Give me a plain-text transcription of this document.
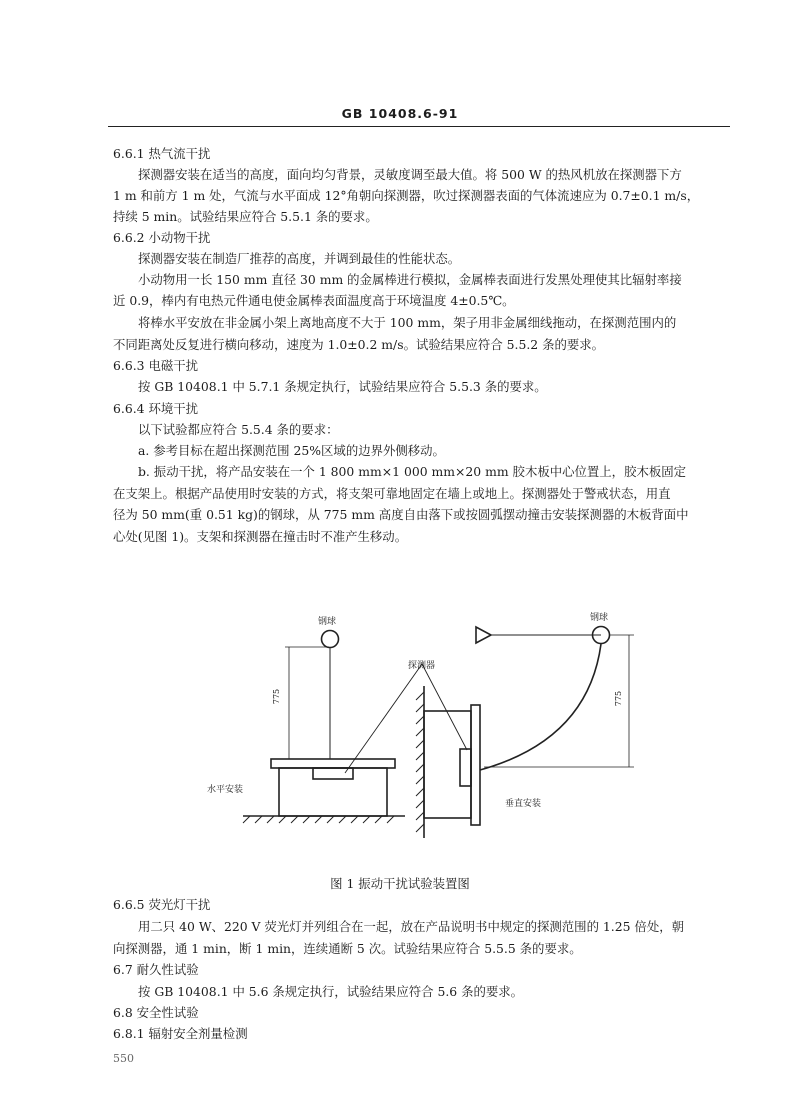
GB 10408.6-91
6.6.1 热气流干扰
探测器安装在适当的高度，面向均匀背景，灵敏度调至最大值。将 500 W 的热风机放在探测器下方
1 m 和前方 1 m 处，气流与水平面成 12°角朝向探测器，吹过探测器表面的气体流速应为 0.7±0.1 m/s，
持续 5 min。试验结果应符合 5.5.1 条的要求。
6.6.2 小动物干扰
探测器安装在制造厂推荐的高度，并调到最佳的性能状态。
小动物用一长 150 mm 直径 30 mm 的金属棒进行模拟，金属棒表面进行发黑处理使其比辐射率接
近 0.9，棒内有电热元件通电使金属棒表面温度高于环境温度 4±0.5℃。
将棒水平安放在非金属小架上离地高度不大于 100 mm，架子用非金属细线拖动，在探测范围内的
不同距离处反复进行横向移动，速度为 1.0±0.2 m/s。试验结果应符合 5.5.2 条的要求。
6.6.3 电磁干扰
按 GB 10408.1 中 5.7.1 条规定执行，试验结果应符合 5.5.3 条的要求。
6.6.4 环境干扰
以下试验都应符合 5.5.4 条的要求：
a. 参考目标在超出探测范围 25%区域的边界外侧移动。
b. 振动干扰，将产品安装在一个 1 800 mm×1 000 mm×20 mm 胶木板中心位置上，胶木板固定
在支架上。根据产品使用时安装的方式，将支架可靠地固定在墙上或地上。探测器处于警戒状态，用直
径为 50 mm(重 0.51 kg)的钢球，从 775 mm 高度自由落下或按圆弧摆动撞击安装探测器的木板背面中
心处(见图 1)。支架和探测器在撞击时不准产生移动。
钢球	钢球
探测器
水平安装
垂直安装
775	775
图 1 振动干扰试验装置图
6.6.5 荧光灯干扰
用二只 40 W、220 V 荧光灯并列组合在一起，放在产品说明书中规定的探测范围的 1.25 倍处，朝
向探测器，通 1 min，断 1 min，连续通断 5 次。试验结果应符合 5.5.5 条的要求。
6.7 耐久性试验
按 GB 10408.1 中 5.6 条规定执行，试验结果应符合 5.6 条的要求。
6.8 安全性试验
6.8.1 辐射安全剂量检测
550
